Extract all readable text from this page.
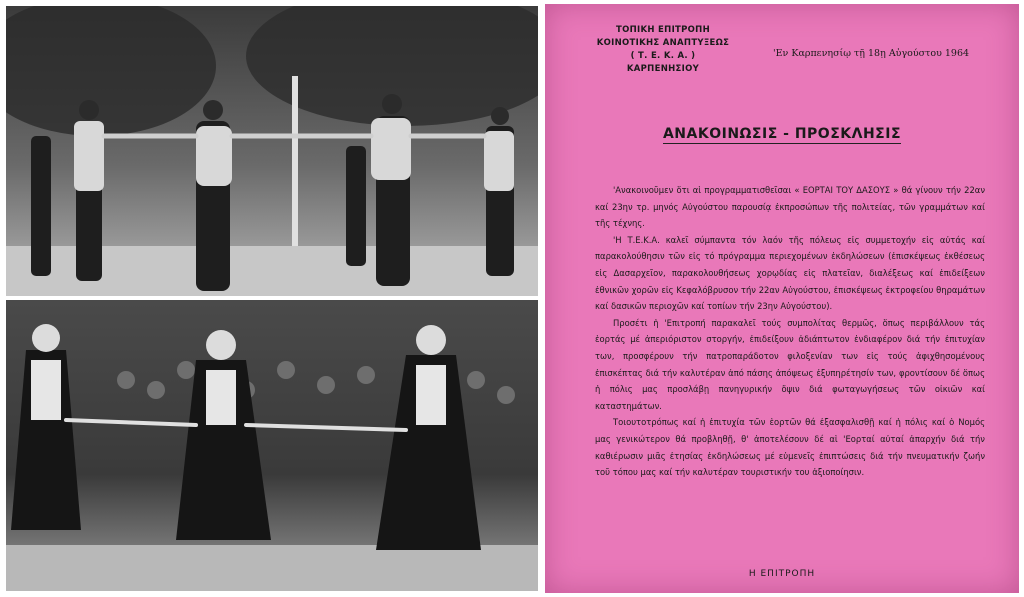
ΤΟΠΙΚΗ ΕΠΙΤΡΟΠΗ
ΚΟΙΝΟΤΙΚΗΣ ΑΝΑΠΤΥΞΕΩΣ
( Τ. Ε. Κ. Α. )
ΚΑΡΠΕΝΗΣΙΟΥ
'Εν Καρπενησίῳ τῇ 18ῃ Αὐγούστου 1964
ΑΝΑΚΟΙΝΩΣΙΣ - ΠΡΟΣΚΛΗΣΙΣ

'Ανακοινοῦμεν ὅτι αἱ προγραμματισθεῖσαι « ΕΟΡΤΑΙ ΤΟΥ ΔΑΣΟΥΣ » θά γίνουν τήν 22αν καί 23ην τρ. μηνός Αὐγούστου παρουσίᾳ ἐκπροσώπων τῆς πολιτείας, τῶν γραμμάτων καί τῆς τέχνης.

'Η Τ.Ε.Κ.Α. καλεῖ σύμπαντα τόν λαόν τῆς πόλεως εἰς συμμετοχήν εἰς αὐτάς καί παρακολούθησιν τῶν εἰς τό πρόγραμμα περιεχομένων ἐκδηλώσεων (ἐπισκέψεως ἐκθέσεως εἰς Δασαρχεῖον, παρακολουθήσεως χορῳδίας εἰς πλατεῖαν, διαλέξεως καί ἐπιδείξεων ἐθνικῶν χορῶν εἰς Κεφαλόβρυσον τήν 22αν Αὐγούστου, ἐπισκέψεως ἐκτροφείου θηραμάτων καί δασικῶν περιοχῶν καί τοπίων τήν 23ην Αὐγούστου).

Προσέτι ἡ 'Επιτροπή παρακαλεῖ τούς συμπολίτας θερμῶς, ὅπως περιβάλλουν τάς ἑορτάς μέ ἀπεριόριστον στοργήν, ἐπιδείξουν ἀδιάπτωτον ἐνδιαφέρον διά τήν ἐπιτυχίαν των, προσφέρουν τήν πατροπαράδοτον φιλοξενίαν των εἰς τούς ἀφιχθησομένους ἐπισκέπτας διά τήν καλυτέραν ἀπό πάσης ἀπόψεως ἐξυπηρέτησίν των, φροντίσουν δέ ὅπως ἡ πόλις μας προσλάβῃ πανηγυρικήν ὄψιν διά φωταγωγήσεως τῶν οἰκιῶν καί καταστημάτων.

Τοιουτοτρόπως καί ἡ ἐπιτυχία τῶν ἑορτῶν θά ἐξασφαλισθῇ καί ἡ πόλις καί ὁ Νομός μας γενικώτερον θά προβληθῇ, θ' ἀποτελέσουν δέ αἱ 'Εορταί αὐταί ἀπαρχήν διά τήν καθιέρωσιν μιᾶς ἐτησίας ἐκδηλώσεως μέ εὐμενεῖς ἐπιπτώσεις διά τήν πνευματικήν ζωήν τοῦ τόπου μας καί τήν καλυτέραν τουριστικήν του ἀξιοποίησιν.

Η ΕΠΙΤΡΟΠΗ
